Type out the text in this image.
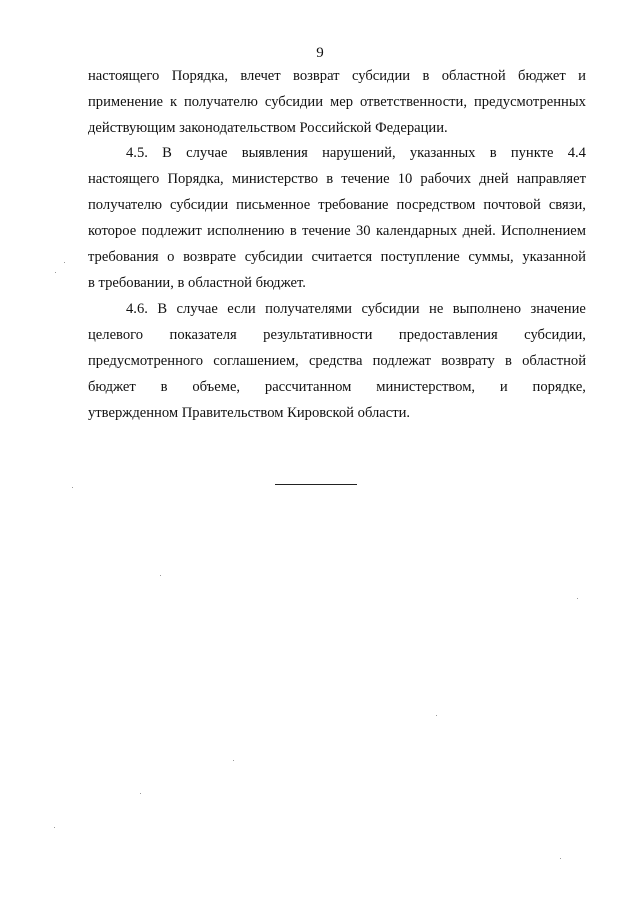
9
настоящего Порядка, влечет возврат субсидии в областной бюджет и
применение к получателю субсидии мер ответственности, предусмотренных
действующим законодательством Российской Федерации.
4.5. В случае выявления нарушений, указанных в пункте 4.4
настоящего Порядка, министерство в течение 10 рабочих дней направляет
получателю субсидии письменное требование посредством почтовой связи,
которое подлежит исполнению в течение 30 календарных дней. Исполнением
требования о возврате субсидии считается поступление суммы, указанной
в требовании, в областной бюджет.
4.6. В случае если получателями субсидии не выполнено значение
целевого показателя результативности предоставления субсидии,
предусмотренного соглашением, средства подлежат возврату в областной
бюджет в объеме, рассчитанном министерством, и порядке,
утвержденном Правительством Кировской области.
